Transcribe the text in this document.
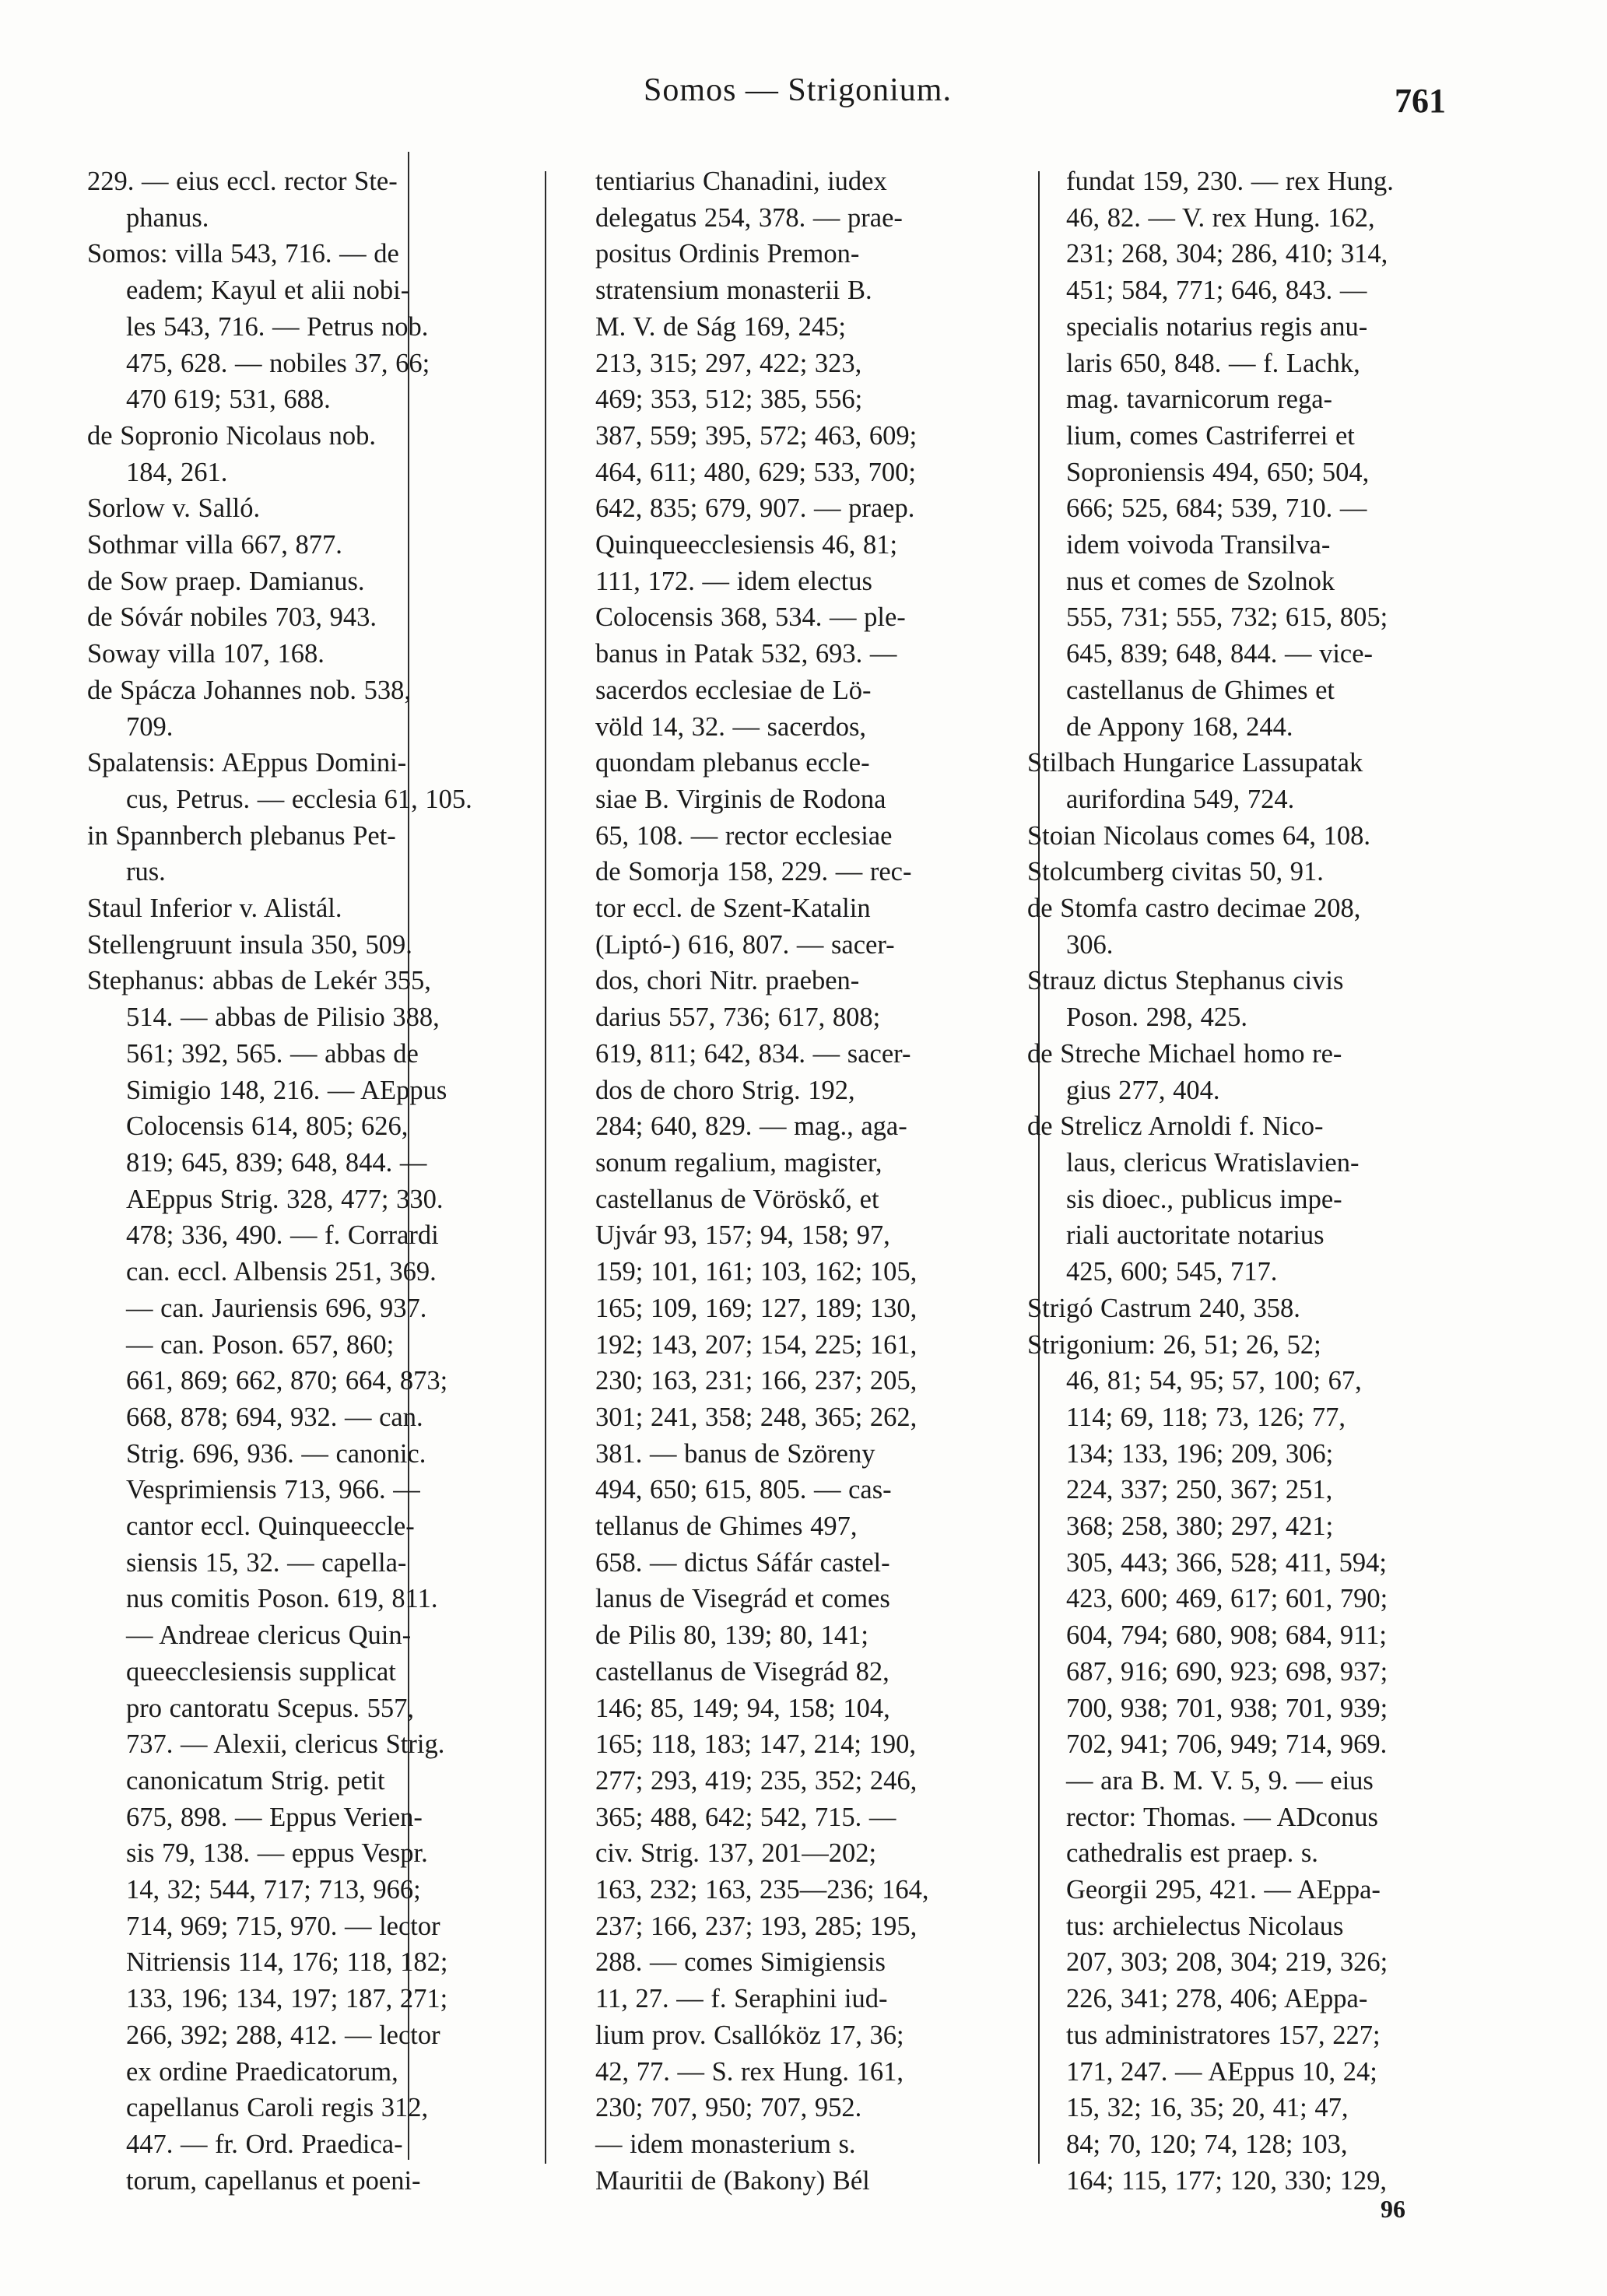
Somos — Strigonium.	761
229. — eius eccl. rector Ste-
phanus.
Somos: villa 543, 716. — de
eadem; Kayul et alii nobi-
les 543, 716. — Petrus nob.
475, 628. — nobiles 37, 66;
470 619; 531, 688.
de Sopronio Nicolaus nob.
184, 261.
Sorlow v. Salló.
Sothmar villa 667, 877.
de Sow praep. Damianus.
de Sóvár nobiles 703, 943.
Soway villa 107, 168.
de Spácza Johannes nob. 538,
709.
Spalatensis: AEppus Domini-
cus, Petrus. — ecclesia 61, 105.
in Spannberch plebanus Pet-
rus.
Staul Inferior v. Alistál.
Stellengruunt insula 350, 509.
Stephanus: abbas de Lekér 355,
514. — abbas de Pilisio 388,
561; 392, 565. — abbas de
Simigio 148, 216. — AEppus
Colocensis 614, 805; 626,
819; 645, 839; 648, 844. —
AEppus Strig. 328, 477; 330.
478; 336, 490. — f. Corrardi
can. eccl. Albensis 251, 369.
— can. Jauriensis 696, 937.
— can. Poson. 657, 860;
661, 869; 662, 870; 664, 873;
668, 878; 694, 932. — can.
Strig. 696, 936. — canonic.
Vesprimiensis 713, 966. —
cantor eccl. Quinqueeccle-
siensis 15, 32. — capella-
nus comitis Poson. 619, 811.
— Andreae clericus Quin-
queecclesiensis supplicat
pro cantoratu Scepus. 557,
737. — Alexii, clericus Strig.
canonicatum Strig. petit
675, 898. — Eppus Verien-
sis 79, 138. — eppus Vespr.
14, 32; 544, 717; 713, 966;
714, 969; 715, 970. — lector
Nitriensis 114, 176; 118, 182;
133, 196; 134, 197; 187, 271;
266, 392; 288, 412. — lector
ex ordine Praedicatorum,
capellanus Caroli regis 312,
447. — fr. Ord. Praedica-
torum, capellanus et poeni-
tentiarius Chanadini, iudex
delegatus 254, 378. — prae-
positus Ordinis Premon-
stratensium monasterii B.
M. V. de Ság 169, 245;
213, 315; 297, 422; 323,
469; 353, 512; 385, 556;
387, 559; 395, 572; 463, 609;
464, 611; 480, 629; 533, 700;
642, 835; 679, 907. — praep.
Quinqueecclesiensis 46, 81;
111, 172. — idem electus
Colocensis 368, 534. — ple-
banus in Patak 532, 693. —
sacerdos ecclesiae de Lö-
völd 14, 32. — sacerdos,
quondam plebanus eccle-
siae B. Virginis de Rodona
65, 108. — rector ecclesiae
de Somorja 158, 229. — rec-
tor eccl. de Szent-Katalin
(Liptó-) 616, 807. — sacer-
dos, chori Nitr. praeben-
darius 557, 736; 617, 808;
619, 811; 642, 834. — sacer-
dos de choro Strig. 192,
284; 640, 829. — mag., aga-
sonum regalium, magister,
castellanus de Vöröskő, et
Ujvár 93, 157; 94, 158; 97,
159; 101, 161; 103, 162; 105,
165; 109, 169; 127, 189; 130,
192; 143, 207; 154, 225; 161,
230; 163, 231; 166, 237; 205,
301; 241, 358; 248, 365; 262,
381. — banus de Szöreny
494, 650; 615, 805. — cas-
tellanus de Ghimes 497,
658. — dictus Sáfár castel-
lanus de Visegrád et comes
de Pilis 80, 139; 80, 141;
castellanus de Visegrád 82,
146; 85, 149; 94, 158; 104,
165; 118, 183; 147, 214; 190,
277; 293, 419; 235, 352; 246,
365; 488, 642; 542, 715. —
civ. Strig. 137, 201—202;
163, 232; 163, 235—236; 164,
237; 166, 237; 193, 285; 195,
288. — comes Simigiensis
11, 27. — f. Seraphini iud-
lium prov. Csallóköz 17, 36;
42, 77. — S. rex Hung. 161,
230; 707, 950; 707, 952.
— idem monasterium s.
Mauritii de (Bakony) Bél
fundat 159, 230. — rex Hung.
46, 82. — V. rex Hung. 162,
231; 268, 304; 286, 410; 314,
451; 584, 771; 646, 843. —
specialis notarius regis anu-
laris 650, 848. — f. Lachk,
mag. tavarnicorum rega-
lium, comes Castriferrei et
Soproniensis 494, 650; 504,
666; 525, 684; 539, 710. —
idem voivoda Transilva-
nus et comes de Szolnok
555, 731; 555, 732; 615, 805;
645, 839; 648, 844. — vice-
castellanus de Ghimes et
de Appony 168, 244.
Stilbach Hungarice Lassupatak
aurifordina 549, 724.
Stoian Nicolaus comes 64, 108.
Stolcumberg civitas 50, 91.
de Stomfa castro decimae 208,
306.
Strauz dictus Stephanus civis
Poson. 298, 425.
de Streche Michael homo re-
gius 277, 404.
de Strelicz Arnoldi f. Nico-
laus, clericus Wratislavien-
sis dioec., publicus impe-
riali auctoritate notarius
425, 600; 545, 717.
Strigó Castrum 240, 358.
Strigonium: 26, 51; 26, 52;
46, 81; 54, 95; 57, 100; 67,
114; 69, 118; 73, 126; 77,
134; 133, 196; 209, 306;
224, 337; 250, 367; 251,
368; 258, 380; 297, 421;
305, 443; 366, 528; 411, 594;
423, 600; 469, 617; 601, 790;
604, 794; 680, 908; 684, 911;
687, 916; 690, 923; 698, 937;
700, 938; 701, 938; 701, 939;
702, 941; 706, 949; 714, 969.
— ara B. M. V. 5, 9. — eius
rector: Thomas. — ADconus
cathedralis est praep. s.
Georgii 295, 421. — AEppa-
tus: archielectus Nicolaus
207, 303; 208, 304; 219, 326;
226, 341; 278, 406; AEppa-
tus administratores 157, 227;
171, 247. — AEppus 10, 24;
15, 32; 16, 35; 20, 41; 47,
84; 70, 120; 74, 128; 103,
164; 115, 177; 120, 330; 129,
96
